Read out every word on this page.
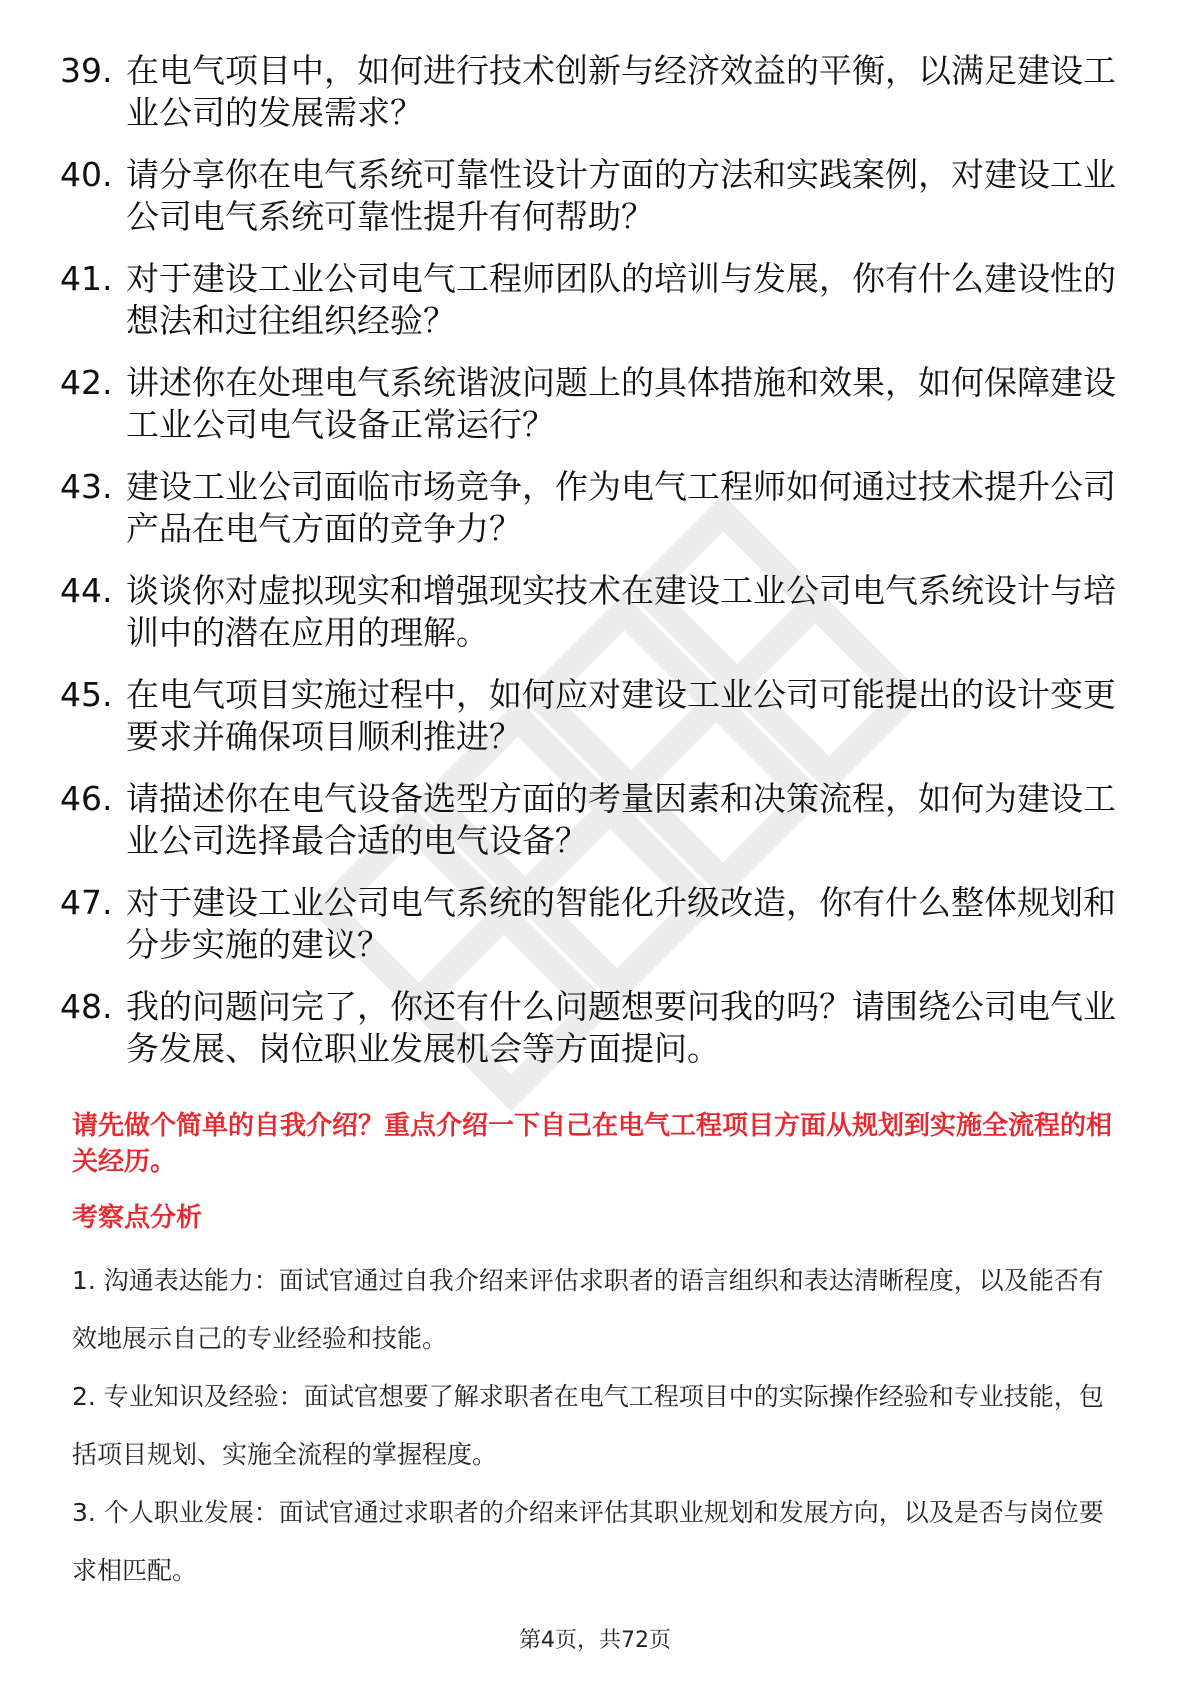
39. 在电气项目中，如何进行技术创新与经济效益的平衡，以满足建设工业公司的发展需求？
40. 请分享你在电气系统可靠性设计方面的方法和实践案例，对建设工业公司电气系统可靠性提升有何帮助？
41. 对于建设工业公司电气工程师团队的培训与发展，你有什么建设性的想法和过往组织经验？
42. 讲述你在处理电气系统谐波问题上的具体措施和效果，如何保障建设工业公司电气设备正常运行？
43. 建设工业公司面临市场竞争，作为电气工程师如何通过技术提升公司产品在电气方面的竞争力？
44. 谈谈你对虚拟现实和增强现实技术在建设工业公司电气系统设计与培训中的潜在应用的理解。
45. 在电气项目实施过程中，如何应对建设工业公司可能提出的设计变更要求并确保项目顺利推进？
46. 请描述你在电气设备选型方面的考量因素和决策流程，如何为建设工业公司选择最合适的电气设备？
47. 对于建设工业公司电气系统的智能化升级改造，你有什么整体规划和分步实施的建议？
48. 我的问题问完了，你还有什么问题想要问我的吗？请围绕公司电气业务发展、岗位职业发展机会等方面提问。

请先做个简单的自我介绍？重点介绍一下自己在电气工程项目方面从规划到实施全流程的相关经历。

考察点分析

1. 沟通表达能力：面试官通过自我介绍来评估求职者的语言组织和表达清晰程度，以及能否有效地展示自己的专业经验和技能。
2. 专业知识及经验：面试官想要了解求职者在电气工程项目中的实际操作经验和专业技能，包括项目规划、实施全流程的掌握程度。
3. 个人职业发展：面试官通过求职者的介绍来评估其职业规划和发展方向，以及是否与岗位要求相匹配。
第4页，共72页
